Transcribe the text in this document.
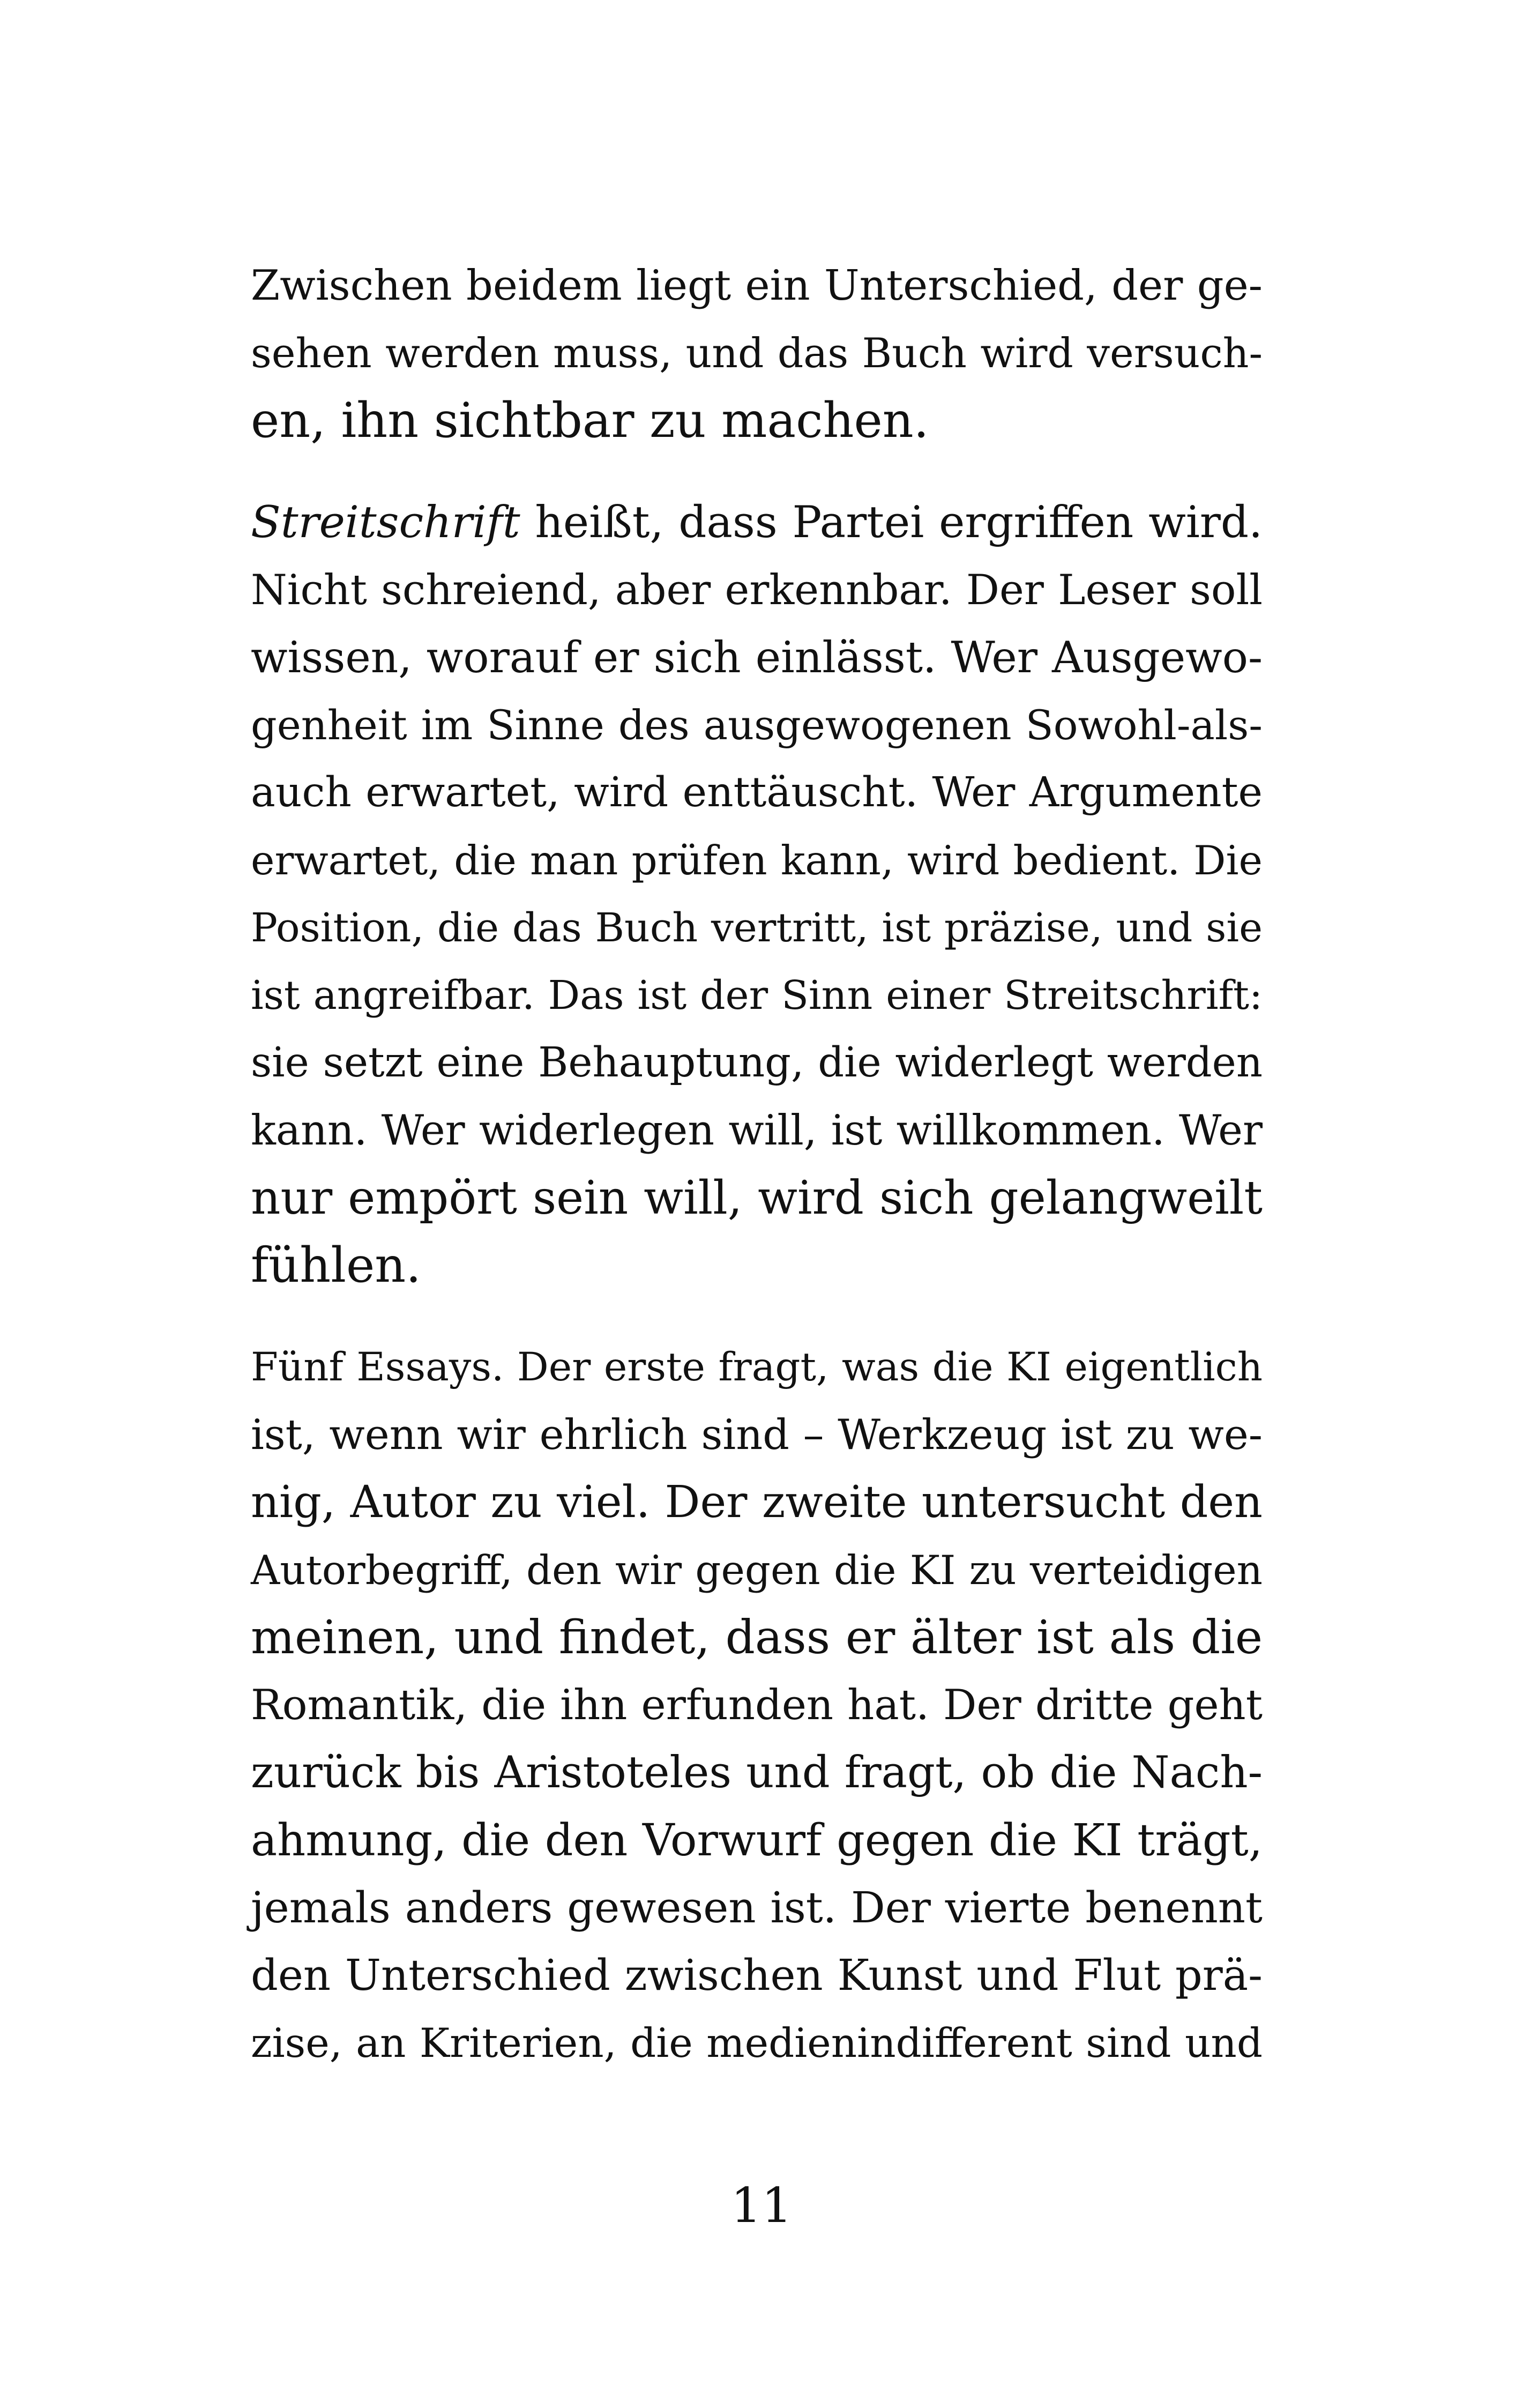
Zwischen beidem liegt ein Unterschied, der ge-
sehen werden muss, und das Buch wird versuch-
en, ihn sichtbar zu machen.
Streitschrift heißt, dass Partei ergriffen wird.
Nicht schreiend, aber erkennbar. Der Leser soll
wissen, worauf er sich einlässt. Wer Ausgewo-
genheit im Sinne des ausgewogenen Sowohl-als-
auch erwartet, wird enttäuscht. Wer Argumente
erwartet, die man prüfen kann, wird bedient. Die
Position, die das Buch vertritt, ist präzise, und sie
ist angreifbar. Das ist der Sinn einer Streitschrift:
sie setzt eine Behauptung, die widerlegt werden
kann. Wer widerlegen will, ist willkommen. Wer
nur empört sein will, wird sich gelangweilt
fühlen.
Fünf Essays. Der erste fragt, was die KI eigentlich
ist, wenn wir ehrlich sind – Werkzeug ist zu we-
nig, Autor zu viel. Der zweite untersucht den
Autorbegriff, den wir gegen die KI zu verteidigen
meinen, und findet, dass er älter ist als die
Romantik, die ihn erfunden hat. Der dritte geht
zurück bis Aristoteles und fragt, ob die Nach-
ahmung, die den Vorwurf gegen die KI trägt,
jemals anders gewesen ist. Der vierte benennt
den Unterschied zwischen Kunst und Flut prä-
zise, an Kriterien, die medienindifferent sind und
11
